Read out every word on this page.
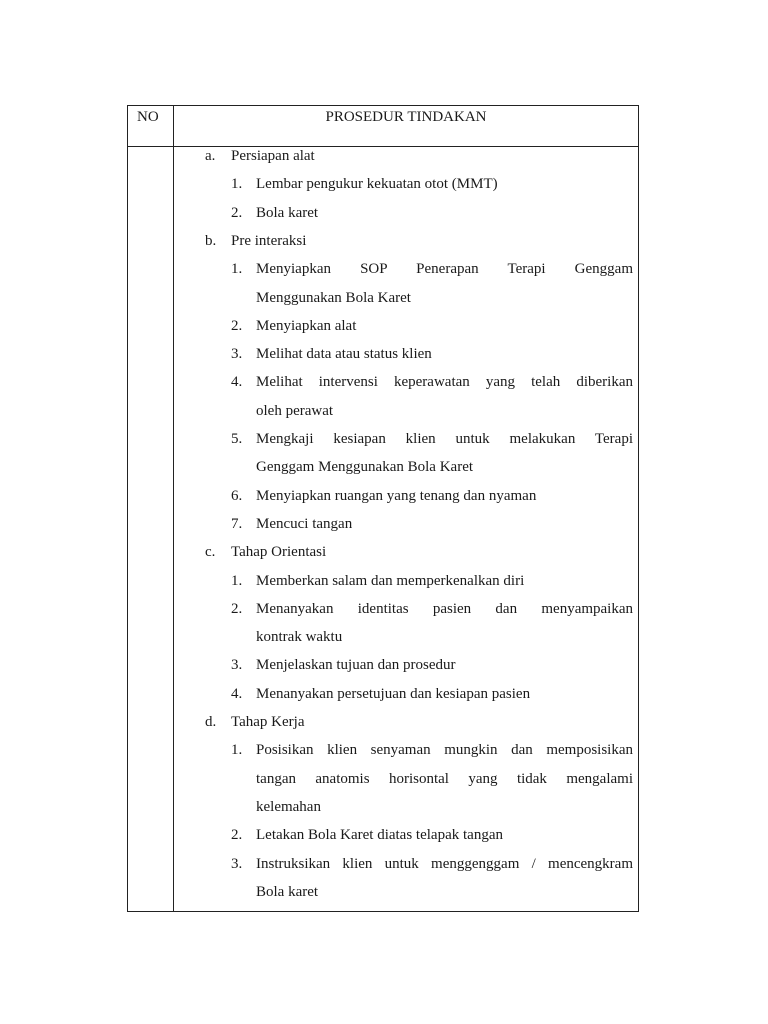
NO	PROSEDUR TINDAKAN
a. Persiapan alat
1. Lembar pengukur kekuatan otot (MMT)
2. Bola karet
b. Pre interaksi
1. Menyiapkan SOP Penerapan Terapi Genggam
Menggunakan Bola Karet
2. Menyiapkan alat
3. Melihat data atau status klien
4. Melihat intervensi keperawatan yang telah diberikan
oleh perawat
5. Mengkaji kesiapan klien untuk melakukan Terapi
Genggam Menggunakan Bola Karet
6. Menyiapkan ruangan yang tenang dan nyaman
7. Mencuci tangan
c. Tahap Orientasi
1. Memberkan salam dan memperkenalkan diri
2. Menanyakan identitas pasien dan menyampaikan
kontrak waktu
3. Menjelaskan tujuan dan prosedur
4. Menanyakan persetujuan dan kesiapan pasien
d. Tahap Kerja
1. Posisikan klien senyaman mungkin dan memposisikan
tangan anatomis horisontal yang tidak mengalami
kelemahan
2. Letakan Bola Karet diatas telapak tangan
3. Instruksikan klien untuk menggenggam / mencengkram
Bola karet
